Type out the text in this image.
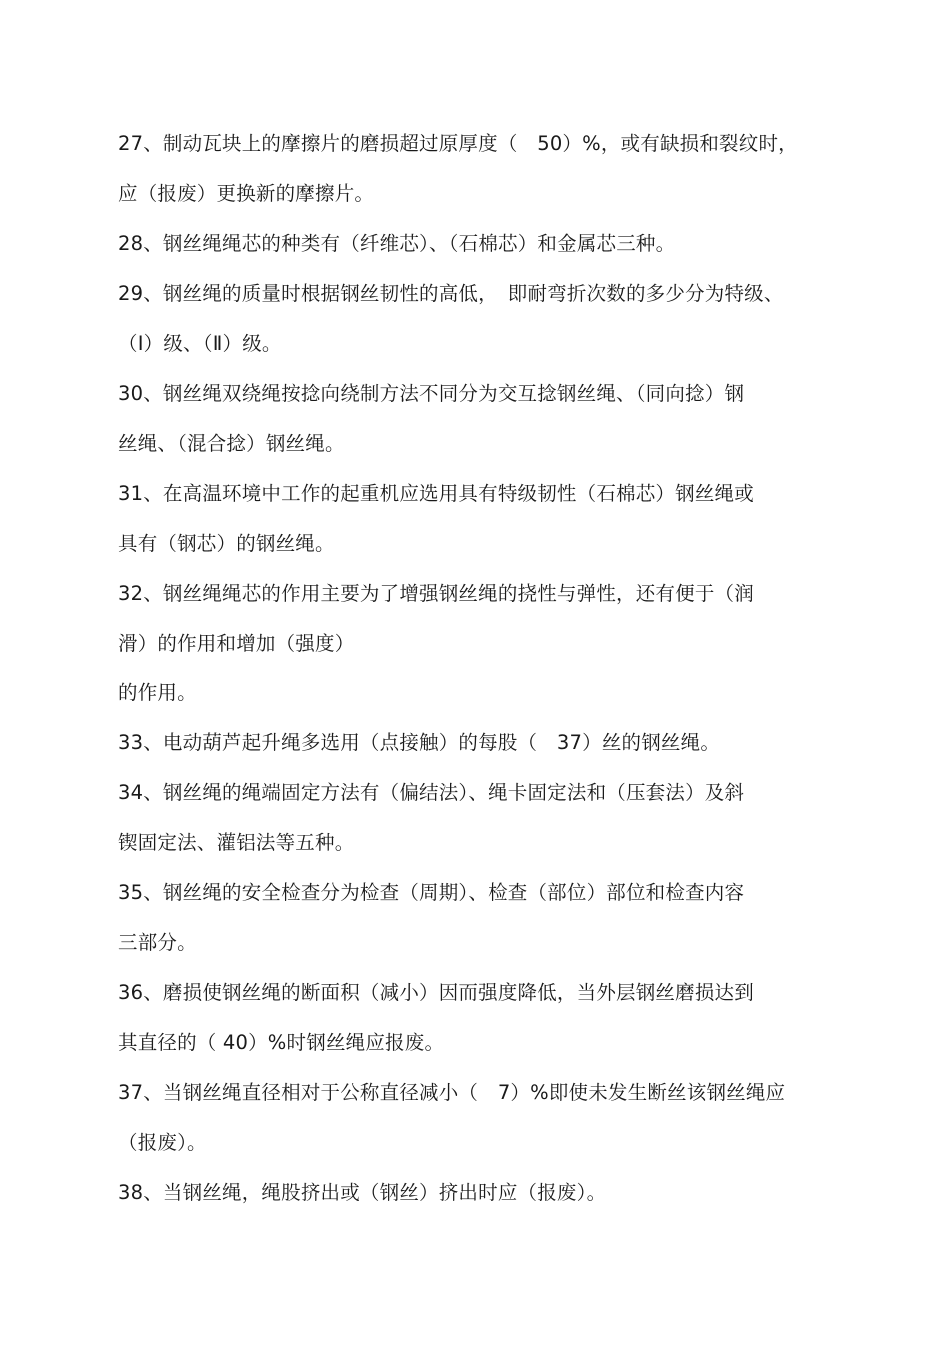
27、制动瓦块上的摩擦片的磨损超过原厚度（　50）%，或有缺损和裂纹时，
应（报废）更换新的摩擦片。
28、钢丝绳绳芯的种类有（纤维芯）、（石棉芯）和金属芯三种。
29、钢丝绳的质量时根据钢丝韧性的高低，　即耐弯折次数的多少分为特级、
（Ⅰ）级、（Ⅱ）级。
30、钢丝绳双绕绳按捻向绕制方法不同分为交互捻钢丝绳、（同向捻）钢
丝绳、（混合捻）钢丝绳。
31、在高温环境中工作的起重机应选用具有特级韧性（石棉芯）钢丝绳或
具有（钢芯）的钢丝绳。
32、钢丝绳绳芯的作用主要为了增强钢丝绳的挠性与弹性，还有便于（润
滑）的作用和增加（强度）
的作用。
33、电动葫芦起升绳多选用（点接触）的每股（　37）丝的钢丝绳。
34、钢丝绳的绳端固定方法有（偏结法）、绳卡固定法和（压套法）及斜
锲固定法、灌铝法等五种。
35、钢丝绳的安全检查分为检查（周期）、检查（部位）部位和检查内容
三部分。
36、磨损使钢丝绳的断面积（减小）因而强度降低，当外层钢丝磨损达到
其直径的（ 40）%时钢丝绳应报废。
37、当钢丝绳直径相对于公称直径减小（　7）%即使未发生断丝该钢丝绳应
（报废）。
38、当钢丝绳，绳股挤出或（钢丝）挤出时应（报废）。
